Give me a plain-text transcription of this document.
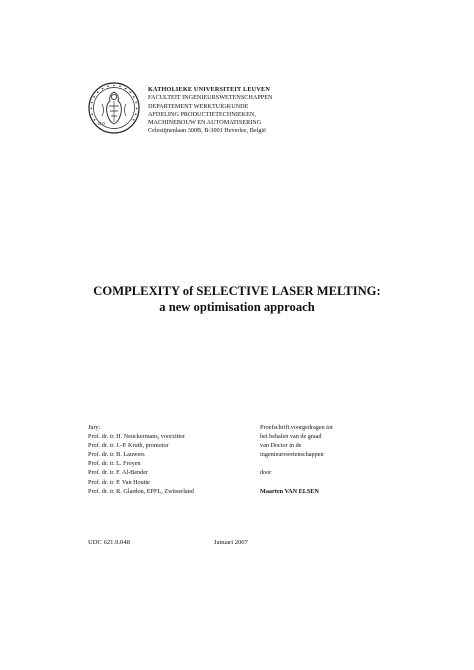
1425
KATHOLIEKE UNIVERSITEIT LEUVEN
FACULTEIT INGENIEURSWETENSCHAPPEN
DEPARTEMENT WERKTUIGKUNDE
AFDELING PRODUCTIETECHNIEKEN,
MACHINEBOUW EN AUTOMATISERING
Celestijnenlaan 300B, B-3001 Heverlee, België
COMPLEXITY of SELECTIVE LASER MELTING:
a new optimisation approach
Jury:
Prof. dr. ir. H. Neuckermans, voorzitter
Prof. dr. ir. J.-P. Kruth, promotor
Prof. dr. ir. B. Lauwers
Prof. dr. ir. L. Froyen
Prof. dr. ir. F. Al-Bender
Prof. dr. ir. P. Van Houtte
Prof. dr. ir. R. Glardon, EPFL, Zwitserland
Proefschrift voorgedragen tot
het behalen van de graad
van Doctor in de
ingenieurswetenschappen

door

Maarten VAN ELSEN
UDC 621.9.048	Januari 2007
